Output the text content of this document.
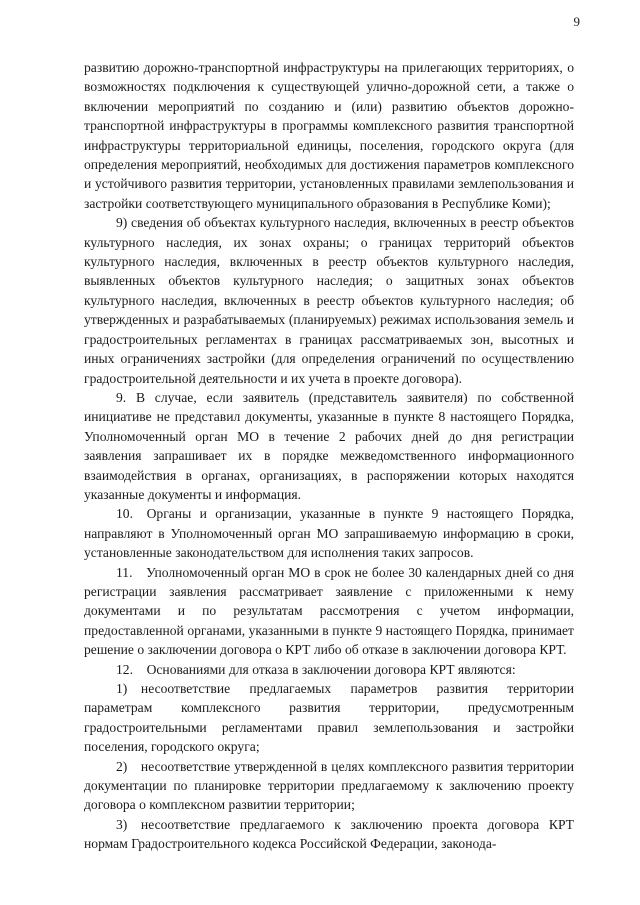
9

развитию дорожно-транспортной инфраструктуры на прилегающих территориях, о возможностях подключения к существующей улично-дорожной сети, а также о включении мероприятий по созданию и (или) развитию объектов дорожно-транспортной инфраструктуры в программы комплексного развития транспортной инфраструктуры территориальной единицы, поселения, городского округа (для определения мероприятий, необходимых для достижения параметров комплексного и устойчивого развития территории, установленных правилами землепользования и застройки соответствующего муниципального образования в Республике Коми);

9) сведения об объектах культурного наследия, включенных в реестр объектов культурного наследия, их зонах охраны; о границах территорий объектов культурного наследия, включенных в реестр объектов культурного наследия, выявленных объектов культурного наследия; о защитных зонах объектов культурного наследия, включенных в реестр объектов культурного наследия; об утвержденных и разрабатываемых (планируемых) режимах использования земель и градостроительных регламентах в границах рассматриваемых зон, высотных и иных ограничениях застройки (для определения ограничений по осуществлению градостроительной деятельности и их учета в проекте договора).

9. В случае, если заявитель (представитель заявителя) по собственной инициативе не представил документы, указанные в пункте 8 настоящего Порядка, Уполномоченный орган МО в течение 2 рабочих дней до дня регистрации заявления запрашивает их в порядке межведомственного информационного взаимодействия в органах, организациях, в распоряжении которых находятся указанные документы и информация.

10. Органы и организации, указанные в пункте 9 настоящего Порядка, направляют в Уполномоченный орган МО запрашиваемую информацию в сроки, установленные законодательством для исполнения таких запросов.

11. Уполномоченный орган МО в срок не более 30 календарных дней со дня регистрации заявления рассматривает заявление с приложенными к нему документами и по результатам рассмотрения с учетом информации, предоставленной органами, указанными в пункте 9 настоящего Порядка, принимает решение о заключении договора о КРТ либо об отказе в заключении договора КРТ.

12. Основаниями для отказа в заключении договора КРТ являются:

1) несоответствие предлагаемых параметров развития территории параметрам комплексного развития территории, предусмотренным градостроительными регламентами правил землепользования и застройки поселения, городского округа;

2) несоответствие утвержденной в целях комплексного развития территории документации по планировке территории предлагаемому к заключению проекту договора о комплексном развитии территории;

3) несоответствие предлагаемого к заключению проекта договора КРТ нормам Градостроительного кодекса Российской Федерации, законода-
